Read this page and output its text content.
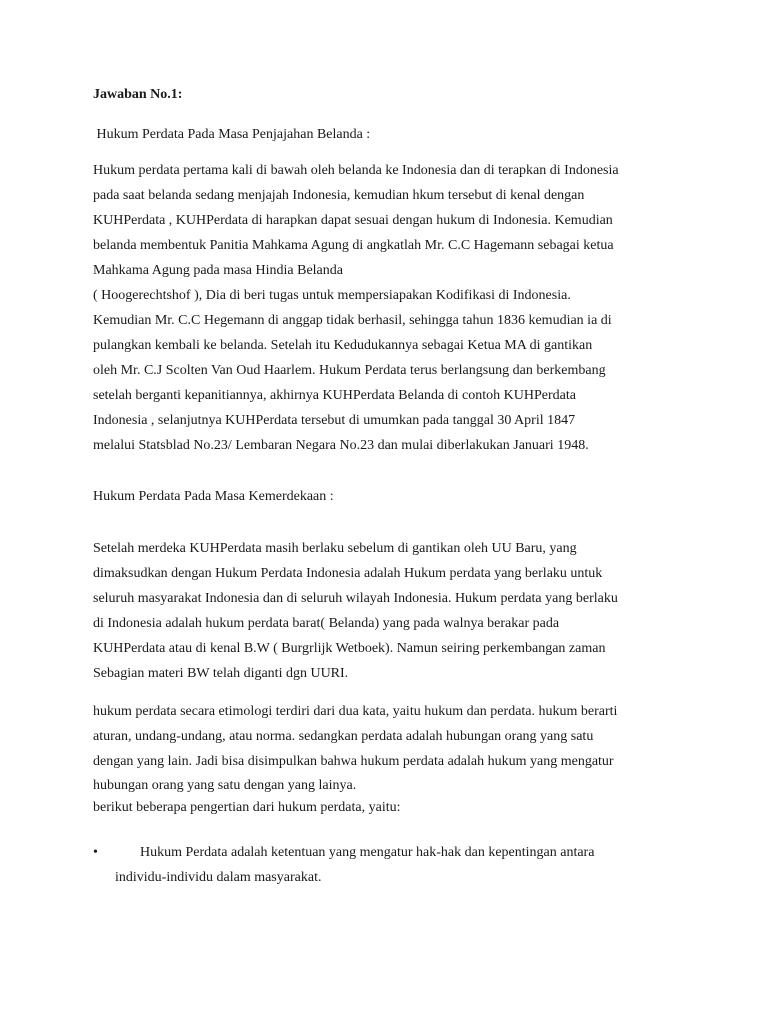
Jawaban No.1:
Hukum Perdata Pada Masa Penjajahan Belanda :
Hukum perdata pertama kali di bawah oleh belanda ke Indonesia dan di terapkan di Indonesia
pada saat belanda sedang menjajah Indonesia, kemudian hkum tersebut di kenal dengan
KUHPerdata , KUHPerdata di harapkan dapat sesuai dengan hukum di Indonesia. Kemudian
belanda membentuk Panitia Mahkama Agung di angkatlah Mr. C.C Hagemann sebagai ketua
Mahkama Agung pada masa Hindia Belanda
( Hoogerechtshof ), Dia di beri tugas untuk mempersiapakan Kodifikasi di Indonesia.
Kemudian Mr. C.C Hegemann di anggap tidak berhasil, sehingga tahun 1836 kemudian ia di
pulangkan kembali ke belanda. Setelah itu Kedudukannya sebagai Ketua MA di gantikan
oleh Mr. C.J Scolten Van Oud Haarlem. Hukum Perdata terus berlangsung dan berkembang
setelah berganti kepanitiannya, akhirnya KUHPerdata Belanda di contoh KUHPerdata
Indonesia , selanjutnya KUHPerdata tersebut di umumkan pada tanggal 30 April 1847
melalui Statsblad No.23/ Lembaran Negara No.23 dan mulai diberlakukan Januari 1948.
Hukum Perdata Pada Masa Kemerdekaan :
Setelah merdeka KUHPerdata masih berlaku sebelum di gantikan oleh UU Baru, yang
dimaksudkan dengan Hukum Perdata Indonesia adalah Hukum perdata yang berlaku untuk
seluruh masyarakat Indonesia dan di seluruh wilayah Indonesia. Hukum perdata yang berlaku
di Indonesia adalah hukum perdata barat( Belanda) yang pada walnya berakar pada
KUHPerdata atau di kenal B.W ( Burgrlijk Wetboek). Namun seiring perkembangan zaman
Sebagian materi BW telah diganti dgn UURI.
hukum perdata secara etimologi terdiri dari dua kata, yaitu hukum dan perdata. hukum berarti
aturan, undang-undang, atau norma. sedangkan perdata adalah hubungan orang yang satu
dengan yang lain. Jadi bisa disimpulkan bahwa hukum perdata adalah hukum yang mengatur
hubungan orang yang satu dengan yang lainya.
berikut beberapa pengertian dari hukum perdata, yaitu:
•	Hukum Perdata adalah ketentuan yang mengatur hak-hak dan kepentingan antara
individu-individu dalam masyarakat.
